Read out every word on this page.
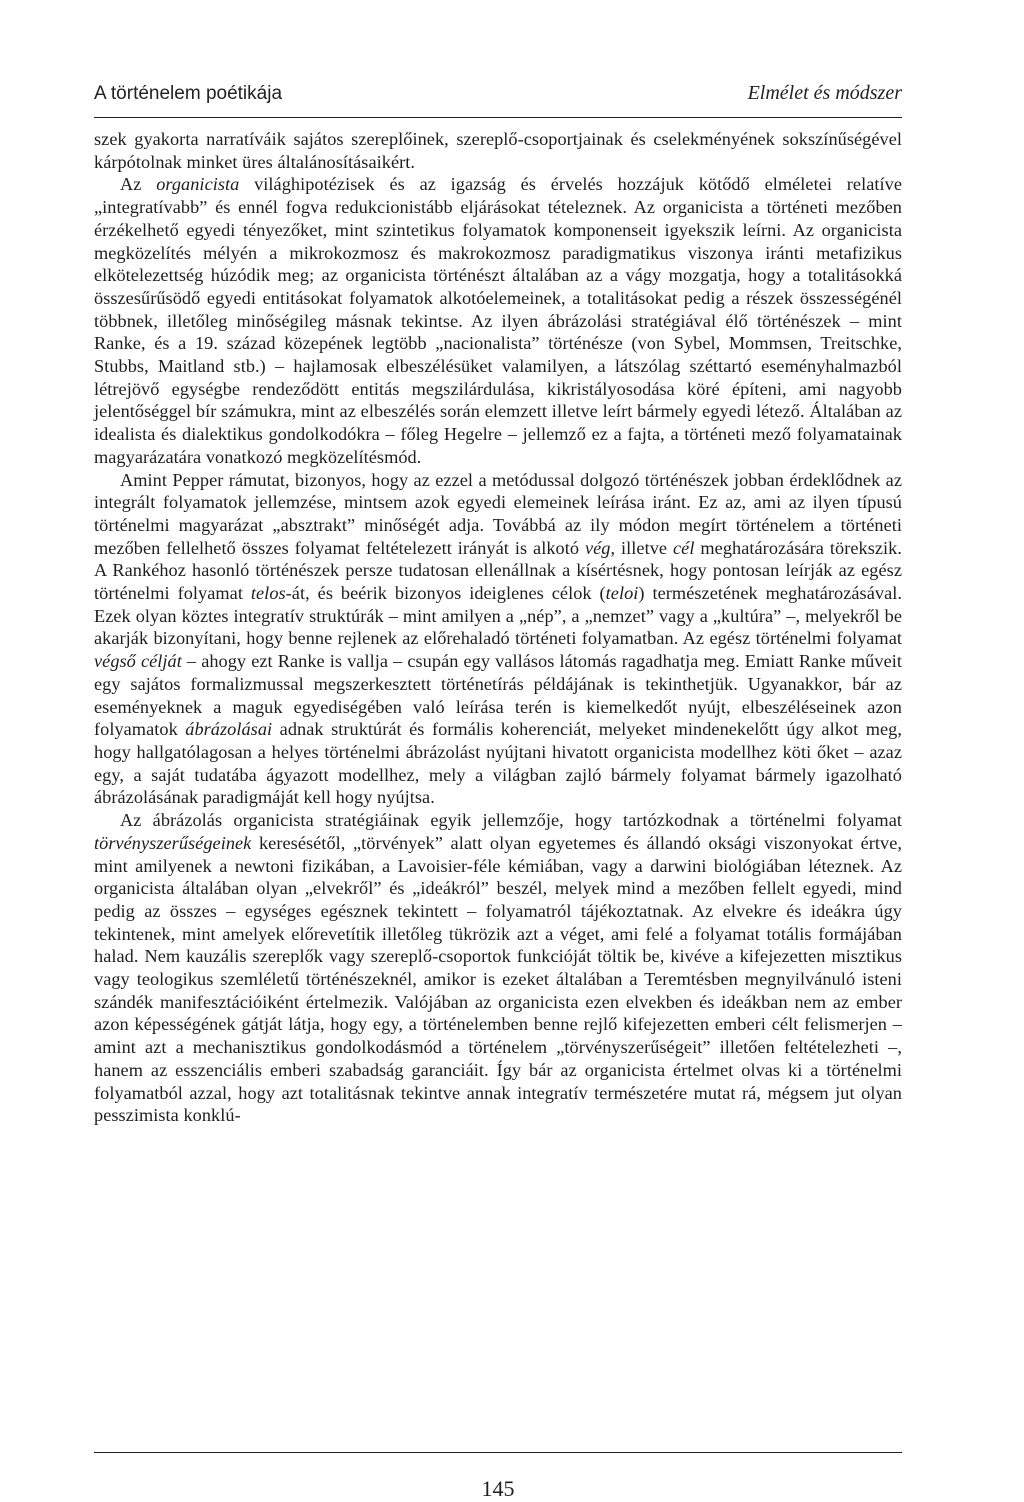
A történelem poétikája	Elmélet és módszer

szek gyakorta narratíváik sajátos szereplőinek, szereplő-csoportjainak és cselekményének sokszínűségével kárpótolnak minket üres általánosításaikért.

Az organicista világhipotézisek és az igazság és érvelés hozzájuk kötődő elméletei relatíve „integratívabb” és ennél fogva redukcionistább eljárásokat tételeznek. Az organicista a történeti mezőben érzékelhető egyedi tényezőket, mint szintetikus folyamatok komponenseit igyekszik leírni. Az organicista megközelítés mélyén a mikrokozmosz és makrokozmosz paradigmatikus viszonya iránti metafizikus elkötelezettség húzódik meg; az organicista történészt általában az a vágy mozgatja, hogy a totalitásokká összesűrűsödő egyedi entitásokat folyamatok alkotóelemeinek, a totalitásokat pedig a részek összességénél többnek, illetőleg minőségileg másnak tekintse. Az ilyen ábrázolási stratégiával élő történészek – mint Ranke, és a 19. század közepének legtöbb „nacionalista” történésze (von Sybel, Mommsen, Treitschke, Stubbs, Maitland stb.) – hajlamosak elbeszélésüket valamilyen, a látszólag széttartó eseményhalmazból létrejövő egységbe rendeződött entitás megszilárdulása, kikristályosodása köré építeni, ami nagyobb jelentőséggel bír számukra, mint az elbeszélés során elemzett illetve leírt bármely egyedi létező. Általában az idealista és dialektikus gondolkodókra – főleg Hegelre – jellemző ez a fajta, a történeti mező folyamatainak magyarázatára vonatkozó megközelítésmód.

Amint Pepper rámutat, bizonyos, hogy az ezzel a metódussal dolgozó történészek jobban érdeklődnek az integrált folyamatok jellemzése, mintsem azok egyedi elemeinek leírása iránt. Ez az, ami az ilyen típusú történelmi magyarázat „absztrakt” minőségét adja. Továbbá az ily módon megírt történelem a történeti mezőben fellelhető összes folyamat feltételezett irányát is alkotó vég, illetve cél meghatározására törekszik. A Rankéhoz hasonló történészek persze tudatosan ellenállnak a kísértésnek, hogy pontosan leírják az egész történelmi folyamat telos-át, és beérik bizonyos ideiglenes célok (teloi) természetének meghatározásával. Ezek olyan köztes integratív struktúrák – mint amilyen a „nép”, a „nemzet” vagy a „kultúra” –, melyekről be akarják bizonyítani, hogy benne rejlenek az előrehaladó történeti folyamatban. Az egész történelmi folyamat végső célját – ahogy ezt Ranke is vallja – csupán egy vallásos látomás ragadhatja meg. Emiatt Ranke műveit egy sajátos formalizmussal megszerkesztett történetírás példájának is tekinthetjük. Ugyanakkor, bár az eseményeknek a maguk egyediségében való leírása terén is kiemelkedőt nyújt, elbeszéléseinek azon folyamatok ábrázolásai adnak struktúrát és formális koherenciát, melyeket mindenekelőtt úgy alkot meg, hogy hallgatólagosan a helyes történelmi ábrázolást nyújtani hivatott organicista modellhez köti őket – azaz egy, a saját tudatába ágyazott modellhez, mely a világban zajló bármely folyamat bármely igazolható ábrázolásának paradigmáját kell hogy nyújtsa.

Az ábrázolás organicista stratégiáinak egyik jellemzője, hogy tartózkodnak a történelmi folyamat törvényszerűségeinek keresésétől, „törvények” alatt olyan egyetemes és állandó oksági viszonyokat értve, mint amilyenek a newtoni fizikában, a Lavoisier-féle kémiában, vagy a darwini biológiában léteznek. Az organicista általában olyan „elvekről” és „ideákról” beszél, melyek mind a mezőben fellelt egyedi, mind pedig az összes – egységes egésznek tekintett – folyamatról tájékoztatnak. Az elvekre és ideákra úgy tekintenek, mint amelyek előrevetítik illetőleg tükrözik azt a véget, ami felé a folyamat totális formájában halad. Nem kauzális szereplők vagy szereplő-csoportok funkcióját töltik be, kivéve a kifejezetten misztikus vagy teologikus szemléletű történészeknél, amikor is ezeket általában a Teremtésben megnyilvánuló isteni szándék manifesztációiként értelmezik. Valójában az organicista ezen elvekben és ideákban nem az ember azon képességének gátját látja, hogy egy, a történelemben benne rejlő kifejezetten emberi célt felismerjen – amint azt a mechanisztikus gondolkodásmód a történelem „törvényszerűségeit” illetően feltételezheti –, hanem az esszenciális emberi szabadság garanciáit. Így bár az organicista értelmet olvas ki a történelmi folyamatból azzal, hogy azt totalitásnak tekintve annak integratív természetére mutat rá, mégsem jut olyan pesszimista konklú-

145
